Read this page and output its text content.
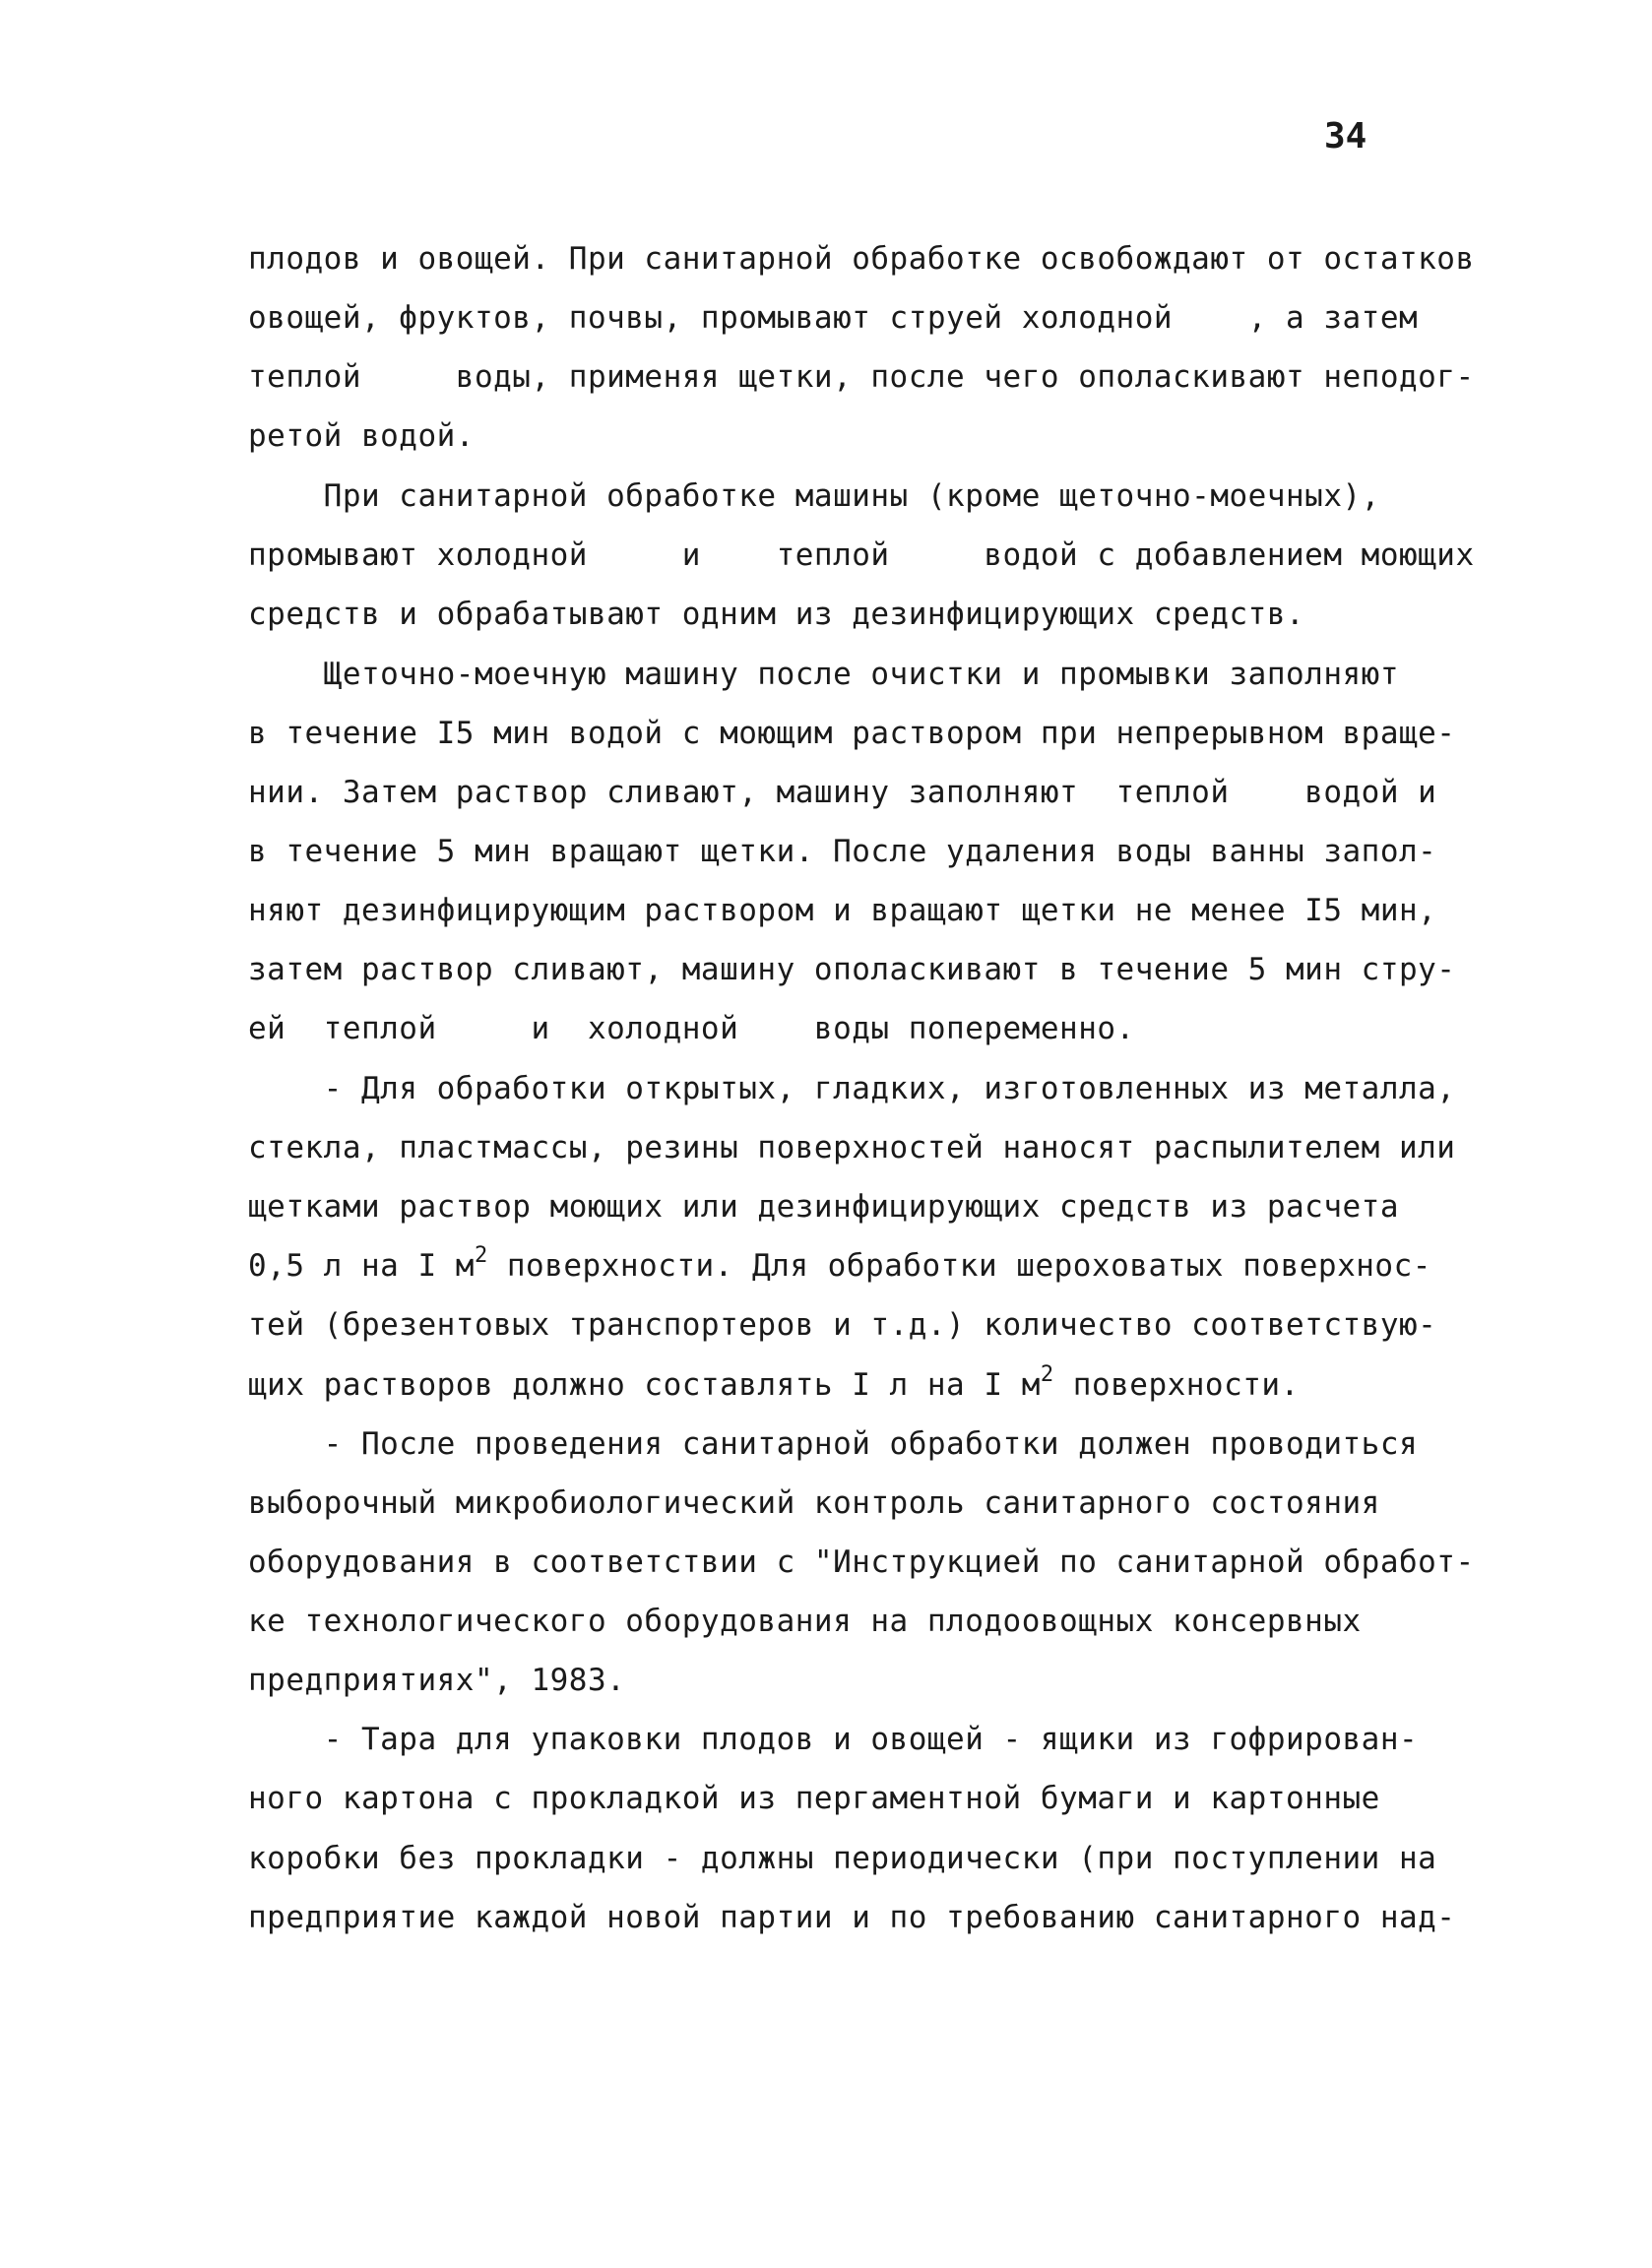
34
плодов и овощей. При санитарной обработке освобождают от остатков
овощей, фруктов, почвы, промывают струей холодной    , а затем
теплой     воды, применяя щетки, после чего ополаскивают неподог-
ретой водой.
При санитарной обработке машины (кроме щеточно-моечных),
промывают холодной     и    теплой     водой с добавлением моющих
средств и обрабатывают одним из дезинфицирующих средств.
Щеточно-моечную машину после очистки и промывки заполняют
в течение I5 мин водой с моющим раствором при непрерывном враще-
нии. Затем раствор сливают, машину заполняют  теплой    водой и
в течение 5 мин вращают щетки. После удаления воды ванны запол-
няют дезинфицирующим раствором и вращают щетки не менее I5 мин,
затем раствор сливают, машину ополаскивают в течение 5 мин стру-
ей  теплой     и  холодной    воды попеременно.
- Для обработки открытых, гладких, изготовленных из металла,
стекла, пластмассы, резины поверхностей наносят распылителем или
щетками раствор моющих или дезинфицирующих средств из расчета
0,5 л на I $м^2$ поверхности. Для обработки шероховатых поверхнос-
тей (брезентовых транспортеров и т.д.) количество соответствую-
щих растворов должно составлять I л на I $м^2$ поверхности.
- После проведения санитарной обработки должен проводиться
выборочный микробиологический контроль санитарного состояния
оборудования в соответствии с "Инструкцией по санитарной обработ-
ке технологического оборудования на плодоовощных консервных
предприятиях", 1983.
- Тара для упаковки плодов и овощей - ящики из гофрирован-
ного картона с прокладкой из пергаментной бумаги и картонные
коробки без прокладки - должны периодически (при поступлении на
предприятие каждой новой партии и по требованию санитарного над-
